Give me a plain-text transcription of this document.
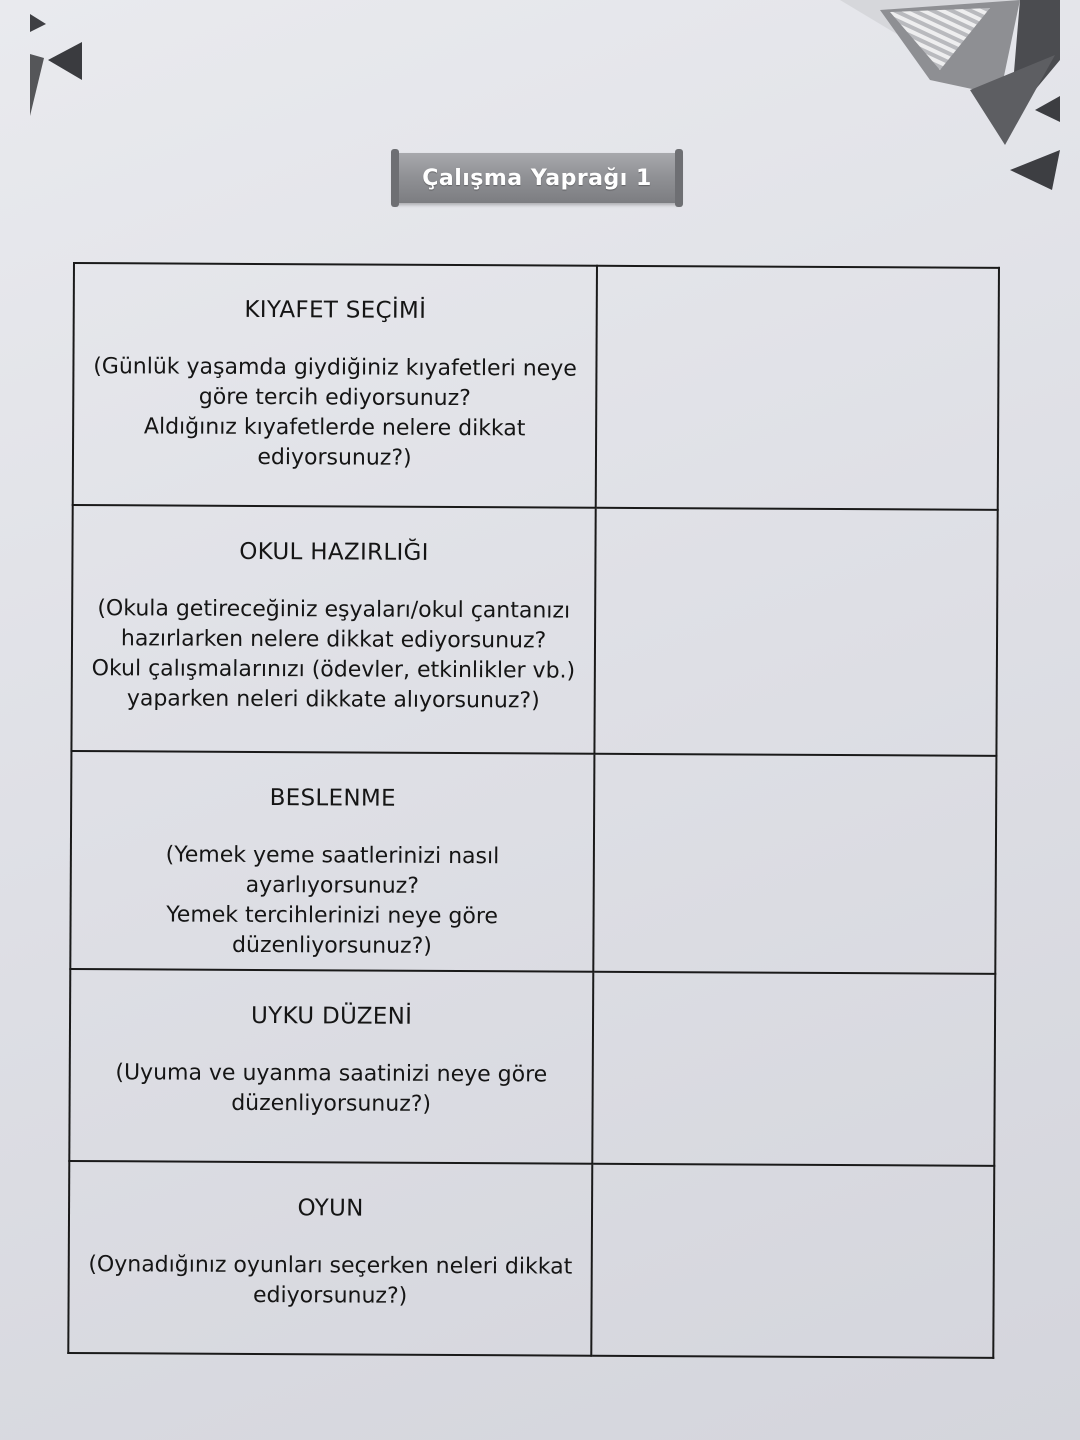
Çalışma Yaprağı 1
KIYAFET SEÇİMİ
(Günlük yaşamda giydiğiniz kıyafetleri neye
göre tercih ediyorsunuz?
Aldığınız kıyafetlerde nelere dikkat
ediyorsunuz?)	

OKUL HAZIRLIĞI
(Okula getireceğiniz eşyaları/okul çantanızı
hazırlarken nelere dikkat ediyorsunuz?
Okul çalışmalarınızı (ödevler, etkinlikler vb.)
yaparken neleri dikkate alıyorsunuz?)	

BESLENME
(Yemek yeme saatlerinizi nasıl ayarlıyorsunuz?
Yemek tercihlerinizi neye göre
düzenliyorsunuz?)	

UYKU DÜZENİ
(Uyuma ve uyanma saatinizi neye göre
düzenliyorsunuz?)	

OYUN
(Oynadığınız oyunları seçerken neleri dikkat
ediyorsunuz?)	
